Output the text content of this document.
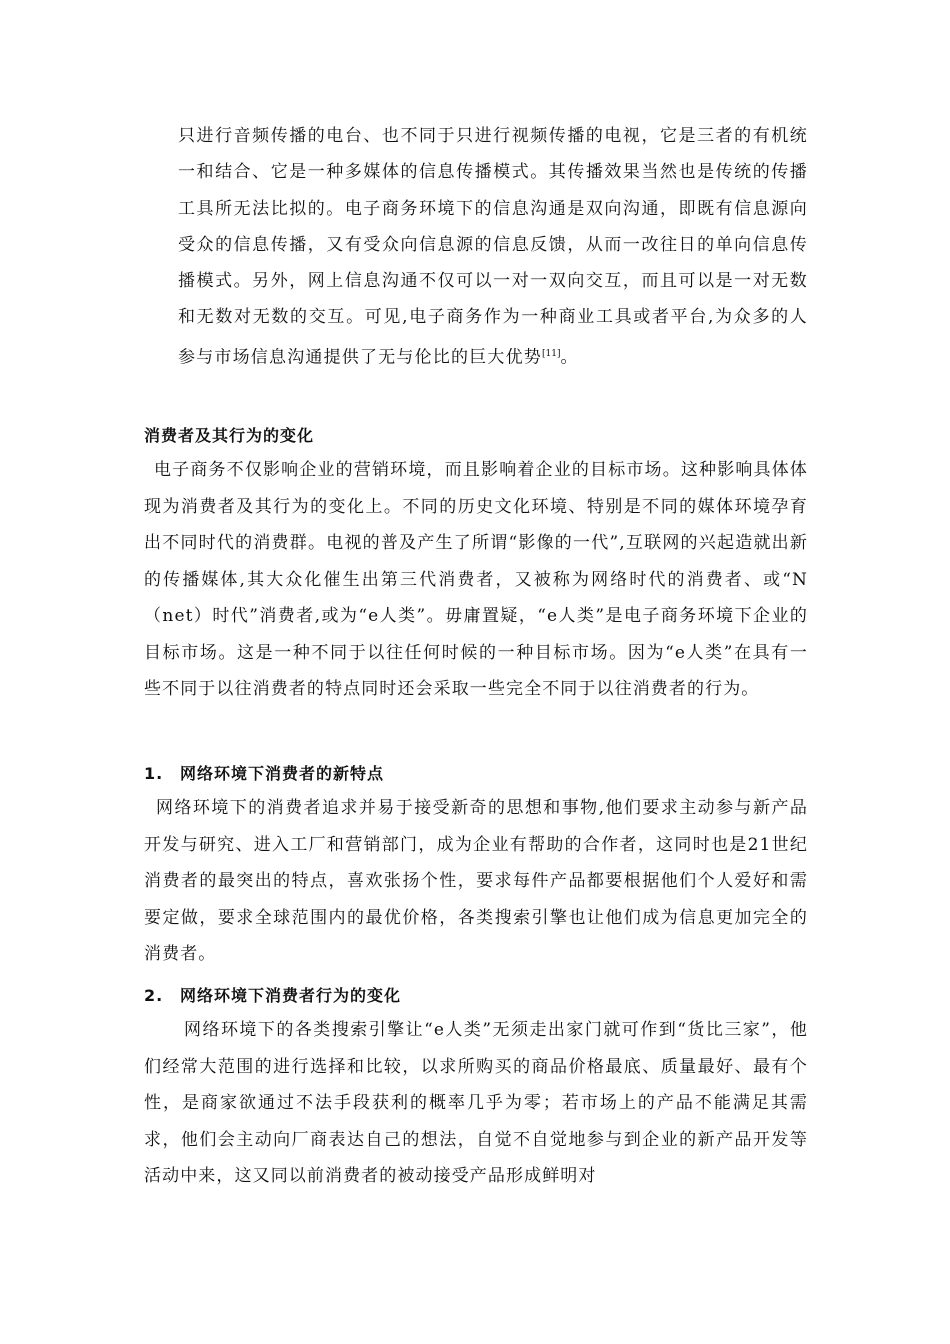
只进行音频传播的电台、也不同于只进行视频传播的电视，它是三者的有机统一和结合、它是一种多媒体的信息传播模式。其传播效果当然也是传统的传播工具所无法比拟的。电子商务环境下的信息沟通是双向沟通，即既有信息源向受众的信息传播，又有受众向信息源的信息反馈，从而一改往日的单向信息传播模式。另外，网上信息沟通不仅可以一对一双向交互，而且可以是一对无数和无数对无数的交互。可见,电子商务作为一种商业工具或者平台,为众多的人参与市场信息沟通提供了无与伦比的巨大优势[11]。

消费者及其行为的变化

电子商务不仅影响企业的营销环境，而且影响着企业的目标市场。这种影响具体体现为消费者及其行为的变化上。不同的历史文化环境、特别是不同的媒体环境孕育出不同时代的消费群。电视的普及产生了所谓“影像的一代”,互联网的兴起造就出新的传播媒体,其大众化催生出第三代消费者，又被称为网络时代的消费者、或“N（net）时代”消费者,或为“e人类”。毋庸置疑，“e人类”是电子商务环境下企业的目标市场。这是一种不同于以往任何时候的一种目标市场。因为“e人类”在具有一些不同于以往消费者的特点同时还会采取一些完全不同于以往消费者的行为。

1. 网络环境下消费者的新特点

网络环境下的消费者追求并易于接受新奇的思想和事物,他们要求主动参与新产品开发与研究、进入工厂和营销部门，成为企业有帮助的合作者，这同时也是21世纪消费者的最突出的特点，喜欢张扬个性，要求每件产品都要根据他们个人爱好和需要定做，要求全球范围内的最优价格，各类搜索引擎也让他们成为信息更加完全的消费者。

2. 网络环境下消费者行为的变化

网络环境下的各类搜索引擎让“e人类”无须走出家门就可作到“货比三家”，他们经常大范围的进行选择和比较，以求所购买的商品价格最底、质量最好、最有个性，是商家欲通过不法手段获利的概率几乎为零；若市场上的产品不能满足其需求，他们会主动向厂商表达自己的想法，自觉不自觉地参与到企业的新产品开发等活动中来，这又同以前消费者的被动接受产品形成鲜明对
